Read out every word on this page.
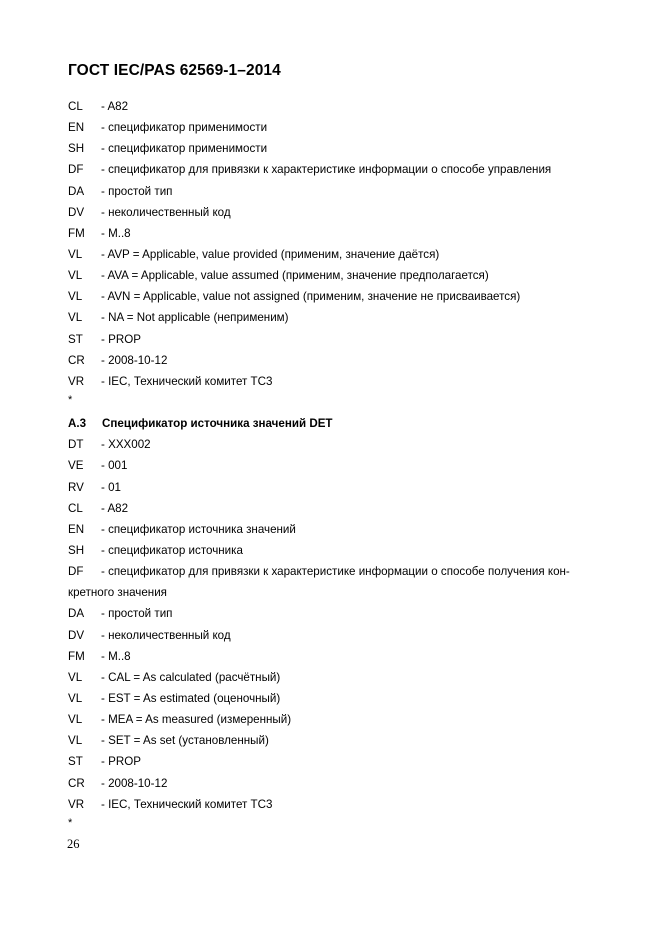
ГОСТ IEC/PAS 62569-1–2014
CL	- A82
EN	- спецификатор применимости
SH	- спецификатор применимости
DF	- спецификатор для привязки к характеристике информации о способе управления
DA	- простой тип
DV	- неколичественный код
FM	- M..8
VL	- AVP = Applicable, value provided (применим, значение даётся)
VL	- AVA = Applicable, value assumed (применим, значение предполагается)
VL	- AVN = Applicable, value not assigned (применим, значение не присваивается)
VL	- NA = Not applicable (неприменим)
ST	- PROP
CR	- 2008-10-12
VR	- IEC, Технический комитет TC3
*
A.3	Спецификатор источника значений DET
DT	- XXX002
VE	- 001
RV	- 01
CL	- A82
EN	- спецификатор источника значений
SH	- спецификатор источника
DF	- спецификатор для привязки к характеристике информации о способе получения кон-
кретного значения
DA	- простой тип
DV	- неколичественный код
FM	- M..8
VL	- CAL = As calculated (расчётный)
VL	- EST = As estimated (оценочный)
VL	- MEA = As measured (измеренный)
VL	- SET = As set (установленный)
ST	- PROP
CR	- 2008-10-12
VR	- IEC, Технический комитет TC3
*
26
